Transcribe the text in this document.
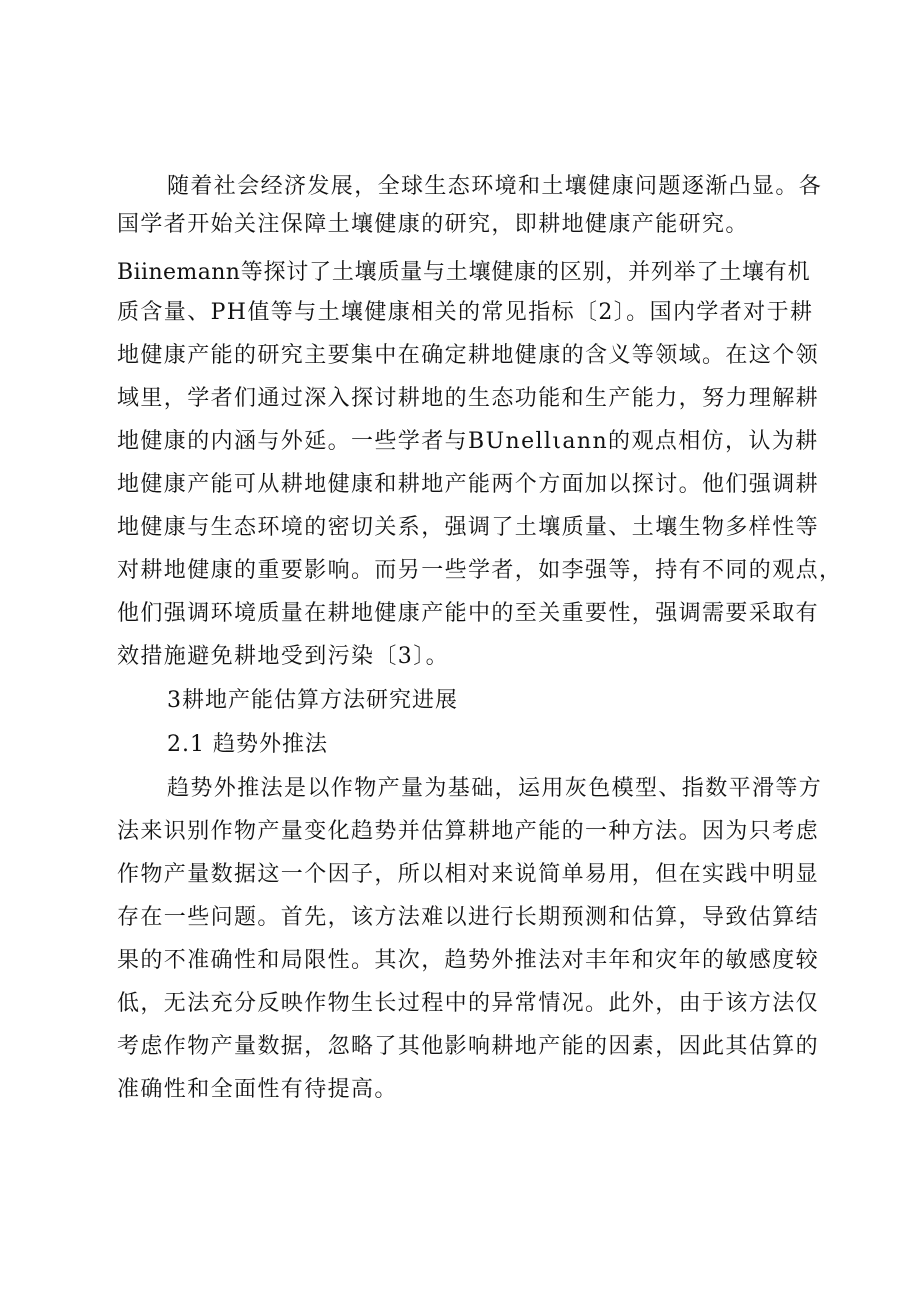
随着社会经济发展，全球生态环境和土壤健康问题逐渐凸显。各
国学者开始关注保障土壤健康的研究，即耕地健康产能研究。
Biinemann等探讨了土壤质量与土壤健康的区别，并列举了土壤有机
质含量、PH值等与土壤健康相关的常见指标〔2〕。国内学者对于耕
地健康产能的研究主要集中在确定耕地健康的含义等领域。在这个领
域里，学者们通过深入探讨耕地的生态功能和生产能力，努力理解耕
地健康的内涵与外延。一些学者与BUnellιann的观点相仿，认为耕
地健康产能可从耕地健康和耕地产能两个方面加以探讨。他们强调耕
地健康与生态环境的密切关系，强调了土壤质量、土壤生物多样性等
对耕地健康的重要影响。而另一些学者，如李强等，持有不同的观点，
他们强调环境质量在耕地健康产能中的至关重要性，强调需要采取有
效措施避免耕地受到污染〔3〕。
3耕地产能估算方法研究进展
2.1 趋势外推法
趋势外推法是以作物产量为基础，运用灰色模型、指数平滑等方
法来识别作物产量变化趋势并估算耕地产能的一种方法。因为只考虑
作物产量数据这一个因子，所以相对来说简单易用，但在实践中明显
存在一些问题。首先，该方法难以进行长期预测和估算，导致估算结
果的不准确性和局限性。其次，趋势外推法对丰年和灾年的敏感度较
低，无法充分反映作物生长过程中的异常情况。此外，由于该方法仅
考虑作物产量数据，忽略了其他影响耕地产能的因素，因此其估算的
准确性和全面性有待提高。
